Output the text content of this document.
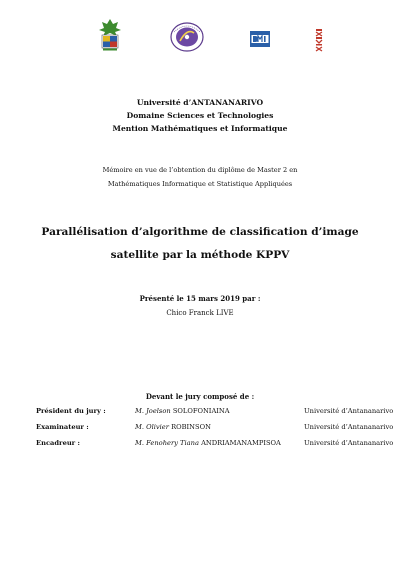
Université d’ANTANANARIVO
Domaine Sciences et Technologies
Mention Mathématiques et Informatique
Mémoire en vue de l’obtention du diplôme de Master 2 en
Mathématiques Informatique et Statistique Appliquées
Parallélisation d’algorithme de classification d’image
satellite par la méthode KPPV
Présenté le 15 mars 2019 par :
Chico Franck LIVE
Devant le jury composé de :
Président du jury :	M. Joelson SOLOFONIAINA	Université d’Antananarivo
Examinateur :	M. Olivier ROBINSON	Université d’Antananarivo
Encadreur :	M. Fenohery Tiana ANDRIAMANAMPISOA	Université d’Antananarivo
